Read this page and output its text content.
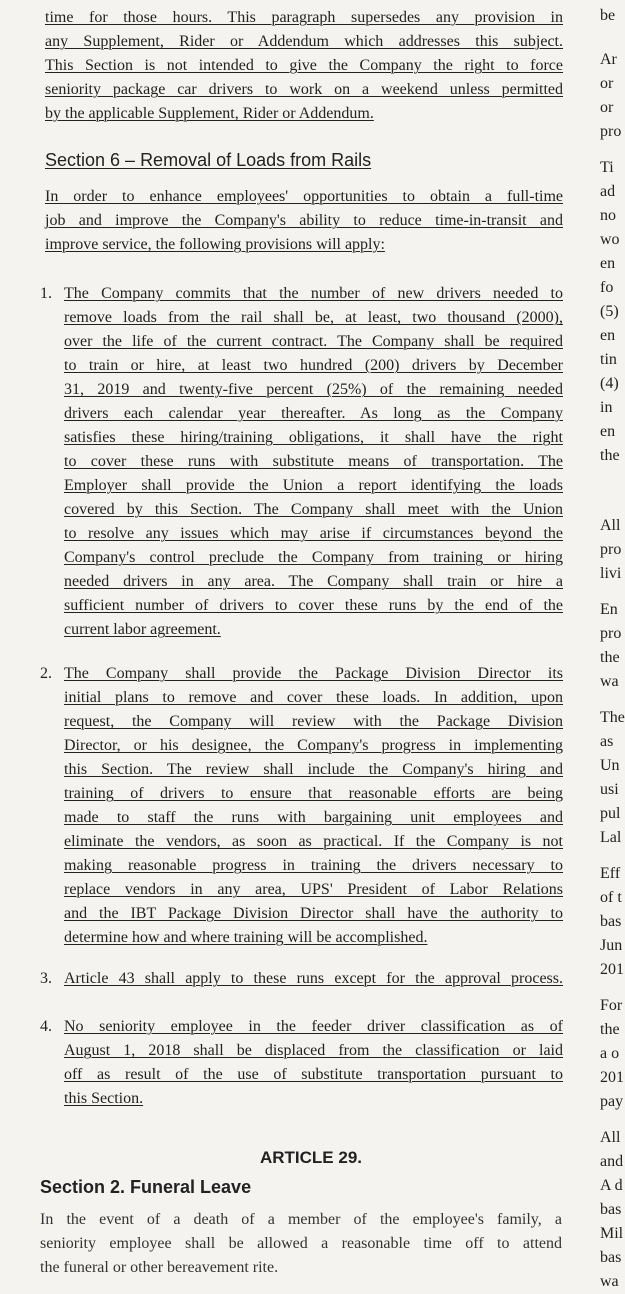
time for those hours. This paragraph supersedes any provision in
any Supplement, Rider or Addendum which addresses this subject.
This Section is not intended to give the Company the right to force
seniority package car drivers to work on a weekend unless permitted
by the applicable Supplement, Rider or Addendum.
Section 6 – Removal of Loads from Rails
In order to enhance employees' opportunities to obtain a full-time
job and improve the Company's ability to reduce time-in-transit and
improve service, the following provisions will apply:
1. The Company commits that the number of new drivers needed to
remove loads from the rail shall be, at least, two thousand (2000),
over the life of the current contract. The Company shall be required
to train or hire, at least two hundred (200) drivers by December
31, 2019 and twenty-five percent (25%) of the remaining needed
drivers each calendar year thereafter. As long as the Company
satisfies these hiring/training obligations, it shall have the right
to cover these runs with substitute means of transportation. The
Employer shall provide the Union a report identifying the loads
covered by this Section. The Company shall meet with the Union
to resolve any issues which may arise if circumstances beyond the
Company's control preclude the Company from training or hiring
needed drivers in any area. The Company shall train or hire a
sufficient number of drivers to cover these runs by the end of the
current labor agreement.
2. The Company shall provide the Package Division Director its
initial plans to remove and cover these loads. In addition, upon
request, the Company will review with the Package Division
Director, or his designee, the Company's progress in implementing
this Section. The review shall include the Company's hiring and
training of drivers to ensure that reasonable efforts are being
made to staff the runs with bargaining unit employees and
eliminate the vendors, as soon as practical. If the Company is not
making reasonable progress in training the drivers necessary to
replace vendors in any area, UPS' President of Labor Relations
and the IBT Package Division Director shall have the authority to
determine how and where training will be accomplished.
3. Article 43 shall apply to these runs except for the approval process.
4. No seniority employee in the feeder driver classification as of
August 1, 2018 shall be displaced from the classification or laid
off as result of the use of substitute transportation pursuant to
this Section.
ARTICLE 29.
Section 2. Funeral Leave
In the event of a death of a member of the employee's family, a
seniority employee shall be allowed a reasonable time off to attend
the funeral or other bereavement rite.
be
Ar
or
or
pro
Ti
ad
no
wo
en
fo
(5)
en
tin
(4)
in
en
the
All
pro
livi
En
pro
the
wa
The
as
Un
usi
pul
Lal
Eff
of t
bas
Jun
201
For
the
a o
201
pay
All
and
A d
bas
Mil
bas
wa
